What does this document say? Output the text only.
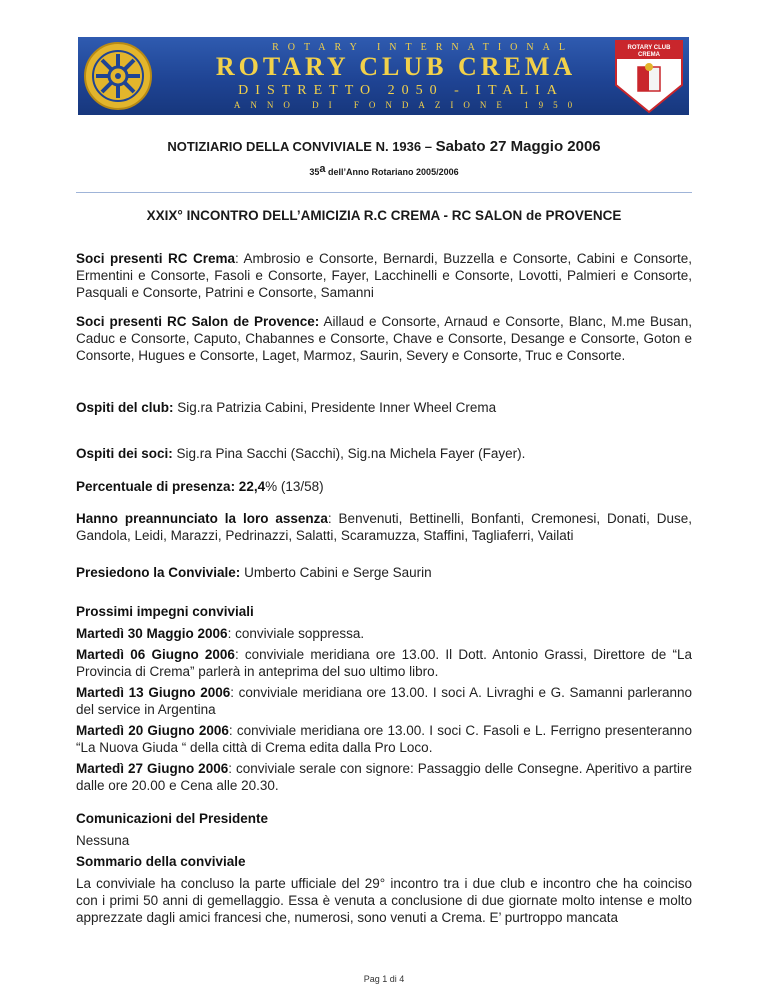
ROTARY INTERNATIONAL
ROTARY CLUB CREMA
DISTRETTO 2050 - ITALIA
ANNO DI FONDAZIONE 1950
ROTARY CLUB
CREMA
NOTIZIARIO DELLA CONVIVIALE N. 1936 – Sabato 27 Maggio 2006
35$^a$ dell’Anno Rotariano 2005/2006
XXIX° INCONTRO DELL’AMICIZIA R.C CREMA - RC SALON de PROVENCE
Soci presenti RC Crema: Ambrosio e Consorte, Bernardi, Buzzella e Consorte, Cabini e Consorte, Ermentini e Consorte, Fasoli e Consorte, Fayer, Lacchinelli e Consorte, Lovotti, Palmieri e Consorte, Pasquali e Consorte, Patrini e Consorte, Samanni
Soci presenti RC Salon de Provence: Aillaud e Consorte, Arnaud e Consorte, Blanc, M.me Busan, Caduc e Consorte, Caputo, Chabannes e Consorte, Chave e Consorte, Desange e Consorte, Goton e Consorte, Hugues e Consorte, Laget, Marmoz, Saurin, Severy e Consorte, Truc e Consorte.
Ospiti del club: Sig.ra Patrizia Cabini, Presidente Inner Wheel Crema
Ospiti dei soci: Sig.ra Pina Sacchi (Sacchi), Sig.na Michela Fayer (Fayer).
Percentuale di presenza: 22,4% (13/58)
Hanno preannunciato la loro assenza: Benvenuti, Bettinelli, Bonfanti, Cremonesi, Donati, Duse, Gandola, Leidi, Marazzi, Pedrinazzi, Salatti, Scaramuzza, Staffini, Tagliaferri, Vailati
Presiedono la Conviviale: Umberto Cabini e Serge Saurin
Prossimi impegni conviviali
Martedì 30 Maggio 2006: conviviale soppressa.
Martedì 06 Giugno 2006: conviviale meridiana ore 13.00. Il Dott. Antonio Grassi, Direttore de “La Provincia di Crema” parlerà in anteprima del suo ultimo libro.
Martedì 13 Giugno 2006: conviviale meridiana ore 13.00. I soci A. Livraghi e G. Samanni parleranno del service in Argentina
Martedì 20 Giugno 2006: conviviale meridiana ore 13.00. I soci C. Fasoli e L. Ferrigno presenteranno “La Nuova Giuda “ della città di Crema edita dalla Pro Loco.
Martedì 27 Giugno 2006: conviviale serale con signore: Passaggio delle Consegne. Aperitivo a partire dalle ore 20.00 e Cena alle 20.30.
Comunicazioni del Presidente
Nessuna
Sommario della conviviale
La conviviale ha concluso la parte ufficiale del 29° incontro tra i due club e incontro che ha coinciso con i primi 50 anni di gemellaggio. Essa è venuta a conclusione di due giornate molto intense e molto apprezzate dagli amici francesi che, numerosi, sono venuti a Crema. E’ purtroppo mancata
Pag 1 di 4
